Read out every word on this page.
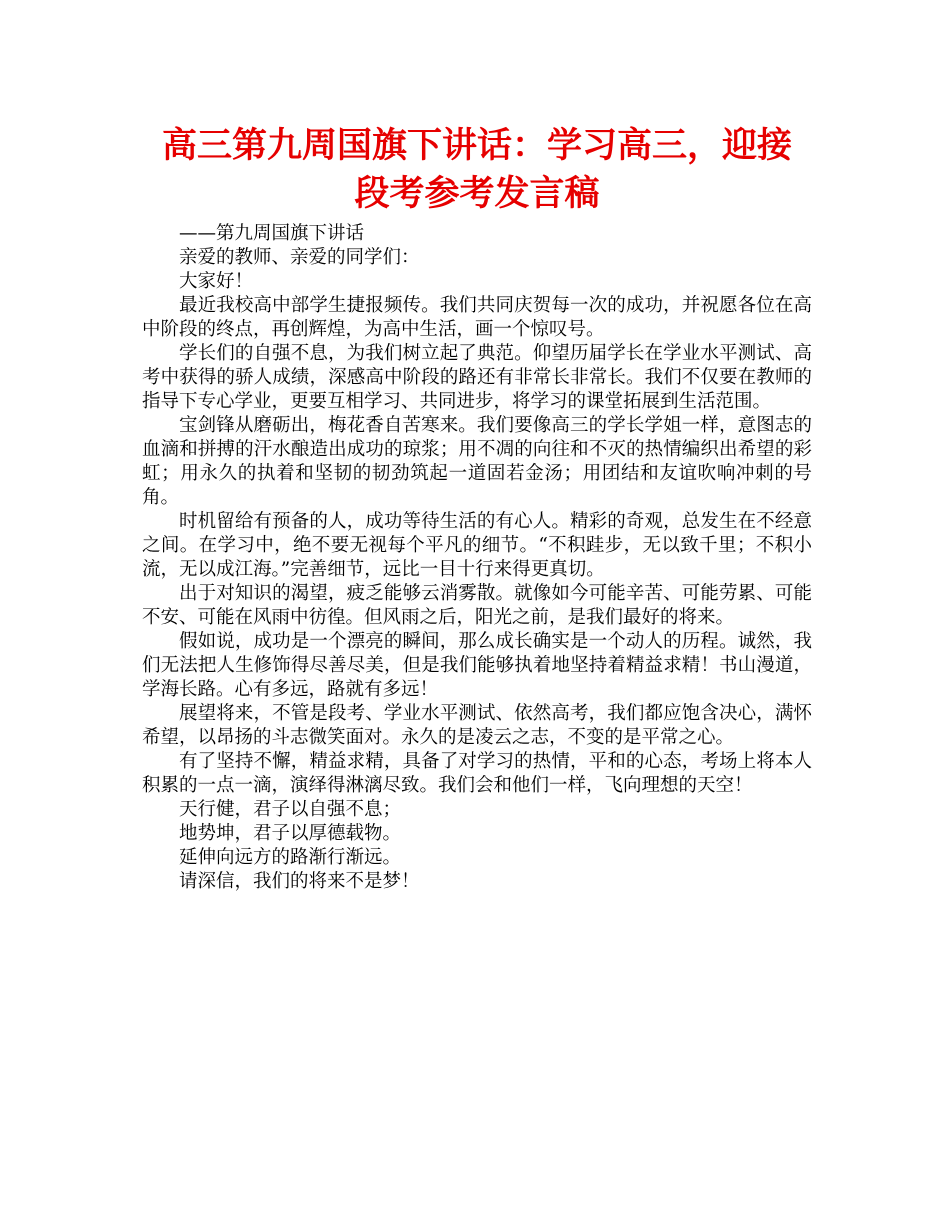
高三第九周国旗下讲话：学习高三，迎接
段考参考发言稿

——第九周国旗下讲话

亲爱的教师、亲爱的同学们：

大家好！

最近我校高中部学生捷报频传。我们共同庆贺每一次的成功，并祝愿各位在高中阶段的终点，再创辉煌，为高中生活，画一个惊叹号。

学长们的自强不息，为我们树立起了典范。仰望历届学长在学业水平测试、高考中获得的骄人成绩，深感高中阶段的路还有非常长非常长。我们不仅要在教师的指导下专心学业，更要互相学习、共同进步，将学习的课堂拓展到生活范围。

宝剑锋从磨砺出，梅花香自苦寒来。我们要像高三的学长学姐一样，意图志的血滴和拼搏的汗水酿造出成功的琼浆；用不凋的向往和不灭的热情编织出希望的彩虹；用永久的执着和坚韧的韧劲筑起一道固若金汤；用团结和友谊吹响冲刺的号角。

时机留给有预备的人，成功等待生活的有心人。精彩的奇观，总发生在不经意之间。在学习中，绝不要无视每个平凡的细节。“不积跬步，无以致千里；不积小流，无以成江海。”完善细节，远比一目十行来得更真切。

出于对知识的渴望，疲乏能够云消雾散。就像如今可能辛苦、可能劳累、可能不安、可能在风雨中彷徨。但风雨之后，阳光之前，是我们最好的将来。

假如说，成功是一个漂亮的瞬间，那么成长确实是一个动人的历程。诚然，我们无法把人生修饰得尽善尽美，但是我们能够执着地坚持着精益求精！书山漫道，学海长路。心有多远，路就有多远！

展望将来，不管是段考、学业水平测试、依然高考，我们都应饱含决心，满怀希望，以昂扬的斗志微笑面对。永久的是凌云之志，不变的是平常之心。

有了坚持不懈，精益求精，具备了对学习的热情，平和的心态，考场上将本人积累的一点一滴，演绎得淋漓尽致。我们会和他们一样，飞向理想的天空！

天行健，君子以自强不息；

地势坤，君子以厚德载物。

延伸向远方的路渐行渐远。

请深信，我们的将来不是梦！
